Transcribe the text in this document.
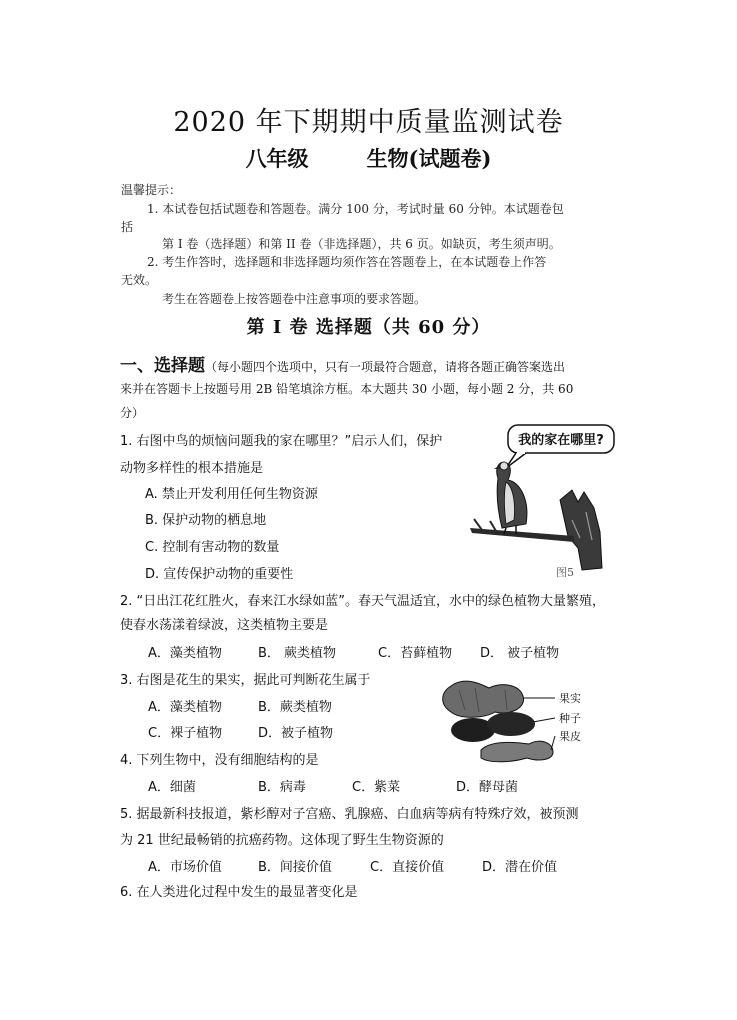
2020 年下期期中质量监测试卷
八年级	生物(试题卷)
温馨提示：
1. 本试卷包括试题卷和答题卷。满分 100 分，考试时量 60 分钟。本试题卷包
括
第 I 卷（选择题）和第 II 卷（非选择题），共 6 页。如缺页，考生须声明。
2. 考生作答时，选择题和非选择题均须作答在答题卷上，在本试题卷上作答
无效。
考生在答题卷上按答题卷中注意事项的要求答题。
第 I 卷 选择题（共 60 分）
一、选择题（每小题四个选项中，只有一项最符合题意，请将各题正确答案选出
来并在答题卡上按题号用 2B 铅笔填涂方框。本大题共 30 小题，每小题 2 分，共 60
分）
1. 右图中鸟的烦恼问题我的家在哪里？”启示人们，保护
动物多样性的根本措施是
A. 禁止开发利用任何生物资源
B. 保护动物的栖息地
C. 控制有害动物的数量
D. 宣传保护动物的重要性
我的家在哪里?
图5
2. “日出江花红胜火，春来江水绿如蓝”。春天气温适宜，水中的绿色植物大量繁殖，
使春水荡漾着绿波，这类植物主要是
A．藻类植物	B． 蕨类植物	C．苔藓植物 D． 被子植物
3. 右图是花生的果实，据此可判断花生属于
A．藻类植物	B．蕨类植物
C．裸子植物	D．被子植物
果实
种子
果皮
4. 下列生物中，没有细胞结构的是
A．细菌	B．病毒	C．紫菜	D．酵母菌
5. 据最新科技报道，紫杉醇对子宫癌、乳腺癌、白血病等病有特殊疗效，被预测
为 21 世纪最畅销的抗癌药物。这体现了野生生物资源的
A．市场价值	B．间接价值	C．直接价值	D．潜在价值
6. 在人类进化过程中发生的最显著变化是
